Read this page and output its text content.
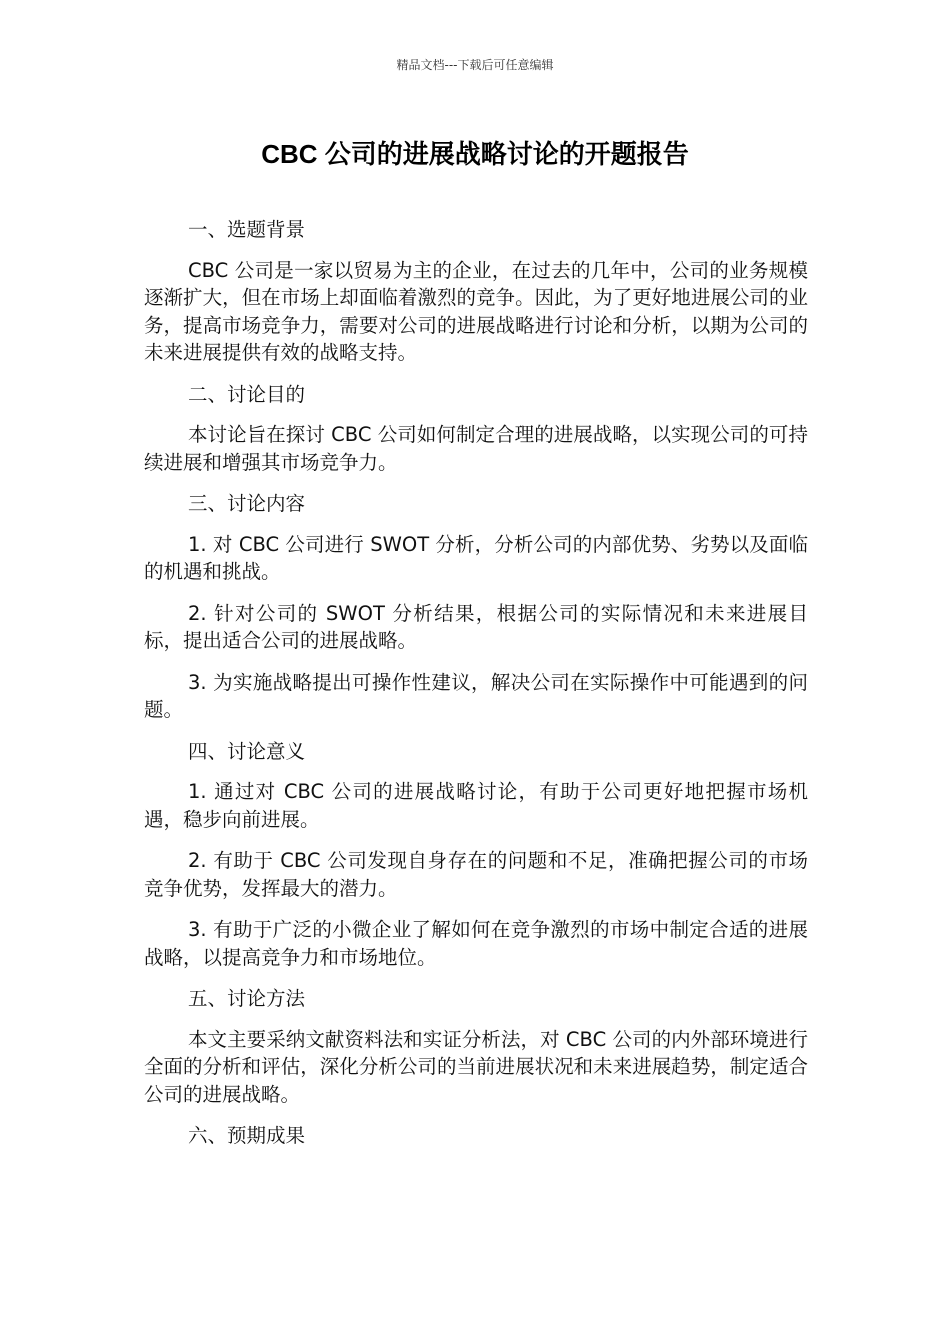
精品文档---下载后可任意编辑
CBC 公司的进展战略讨论的开题报告

一、选题背景

CBC 公司是一家以贸易为主的企业，在过去的几年中，公司的业务规模逐渐扩大，但在市场上却面临着激烈的竞争。因此，为了更好地进展公司的业务，提高市场竞争力，需要对公司的进展战略进行讨论和分析，以期为公司的未来进展提供有效的战略支持。

二、讨论目的

本讨论旨在探讨 CBC 公司如何制定合理的进展战略，以实现公司的可持续进展和增强其市场竞争力。

三、讨论内容

1. 对 CBC 公司进行 SWOT 分析，分析公司的内部优势、劣势以及面临的机遇和挑战。

2. 针对公司的 SWOT 分析结果，根据公司的实际情况和未来进展目标，提出适合公司的进展战略。

3. 为实施战略提出可操作性建议，解决公司在实际操作中可能遇到的问题。

四、讨论意义

1. 通过对 CBC 公司的进展战略讨论，有助于公司更好地把握市场机遇，稳步向前进展。

2. 有助于 CBC 公司发现自身存在的问题和不足，准确把握公司的市场竞争优势，发挥最大的潜力。

3. 有助于广泛的小微企业了解如何在竞争激烈的市场中制定合适的进展战略，以提高竞争力和市场地位。

五、讨论方法

本文主要采纳文献资料法和实证分析法，对 CBC 公司的内外部环境进行全面的分析和评估，深化分析公司的当前进展状况和未来进展趋势，制定适合公司的进展战略。

六、预期成果
